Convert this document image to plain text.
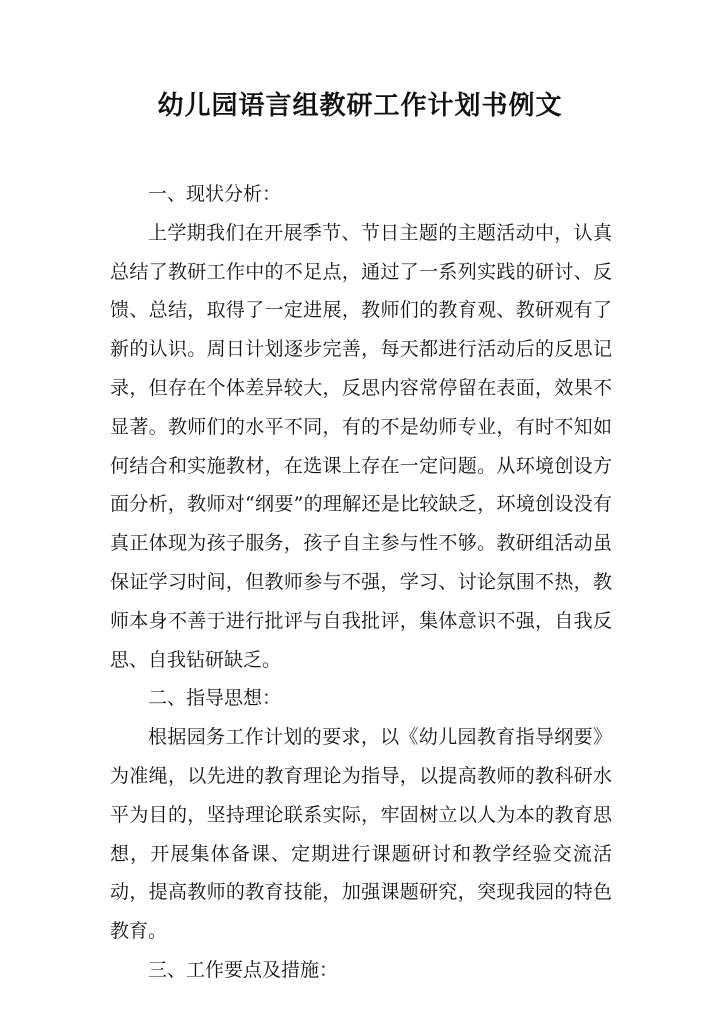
幼儿园语言组教研工作计划书例文

一、现状分析：

上学期我们在开展季节、节日主题的主题活动中，认真总结了教研工作中的不足点，通过了一系列实践的研讨、反馈、总结，取得了一定进展，教师们的教育观、教研观有了新的认识。周日计划逐步完善，每天都进行活动后的反思记录，但存在个体差异较大，反思内容常停留在表面，效果不显著。教师们的水平不同，有的不是幼师专业，有时不知如何结合和实施教材，在选课上存在一定问题。从环境创设方面分析，教师对“纲要”的理解还是比较缺乏，环境创设没有真正体现为孩子服务，孩子自主参与性不够。教研组活动虽保证学习时间，但教师参与不强，学习、讨论氛围不热，教师本身不善于进行批评与自我批评，集体意识不强，自我反思、自我钻研缺乏。

二、指导思想：

根据园务工作计划的要求，以《幼儿园教育指导纲要》为准绳，以先进的教育理论为指导，以提高教师的教科研水平为目的，坚持理论联系实际，牢固树立以人为本的教育思想，开展集体备课、定期进行课题研讨和教学经验交流活动，提高教师的教育技能，加强课题研究，突现我园的特色教育。

三、工作要点及措施：
